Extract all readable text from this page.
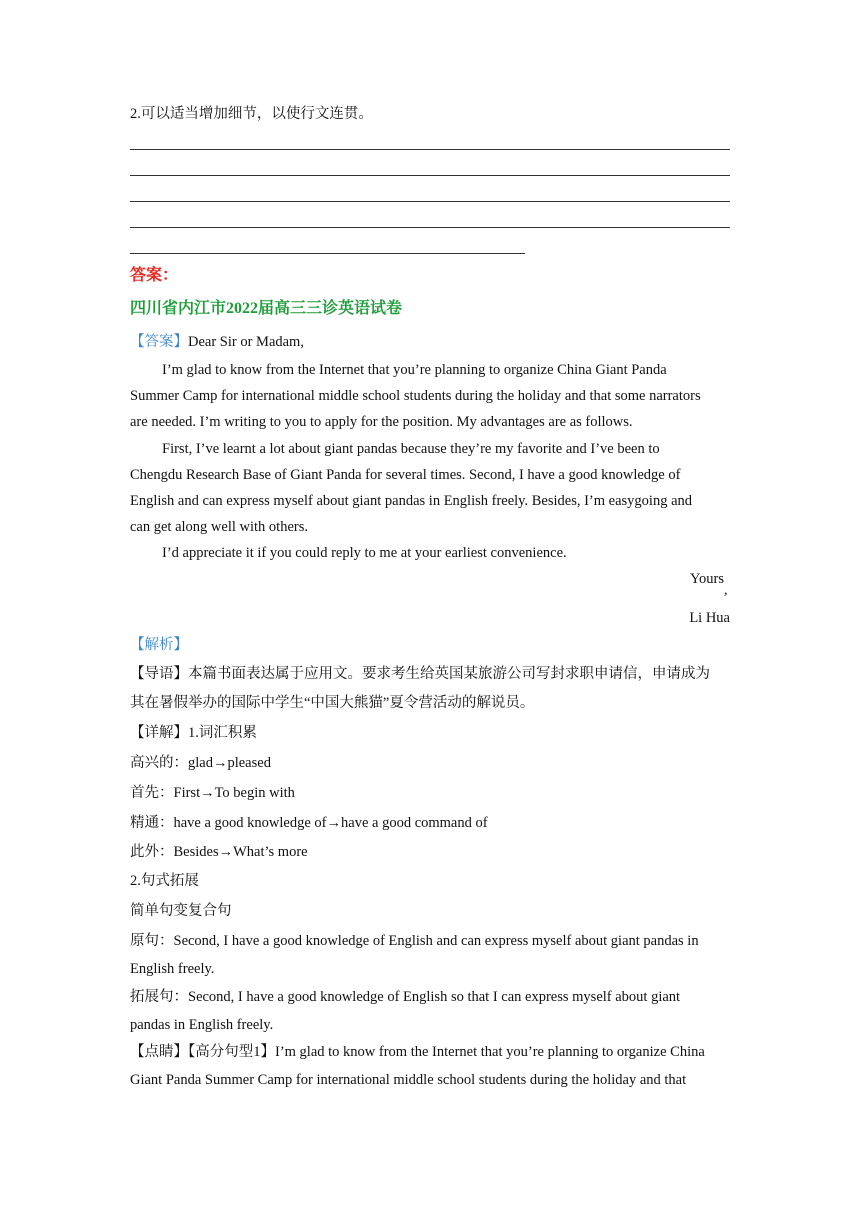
2.可以适当增加细节，以使行文连贯。
答案：
四川省内江市2022届高三三诊英语试卷
【答案】Dear Sir or Madam,
I’m glad to know from the Internet that you’re planning to organize China Giant Panda
Summer Camp for international middle school students during the holiday and that some narrators
are needed. I’m writing to you to apply for the position. My advantages are as follows.
First, I’ve learnt a lot about giant pandas because they’re my favorite and I’ve been to
Chengdu Research Base of Giant Panda for several times. Second, I have a good knowledge of
English and can express myself about giant pandas in English freely. Besides, I’m easygoing and
can get along well with others.
I’d appreciate it if you could reply to me at your earliest convenience.
Yours
,
Li Hua
【解析】
【导语】本篇书面表达属于应用文。要求考生给英国某旅游公司写封求职申请信，申请成为
其在暑假举办的国际中学生“中国大熊猫”夏令营活动的解说员。
【详解】1.词汇积累
高兴的：glad→pleased
首先：First→To begin with
精通：have a good knowledge of→have a good command of
此外：Besides→What’s more
2.句式拓展
简单句变复合句
原句：Second, I have a good knowledge of English and can express myself about giant pandas in
English freely.
拓展句：Second, I have a good knowledge of English so that I can express myself about giant
pandas in English freely.
【点睛】【高分句型1】I’m glad to know from the Internet that you’re planning to organize China
Giant Panda Summer Camp for international middle school students during the holiday and that
